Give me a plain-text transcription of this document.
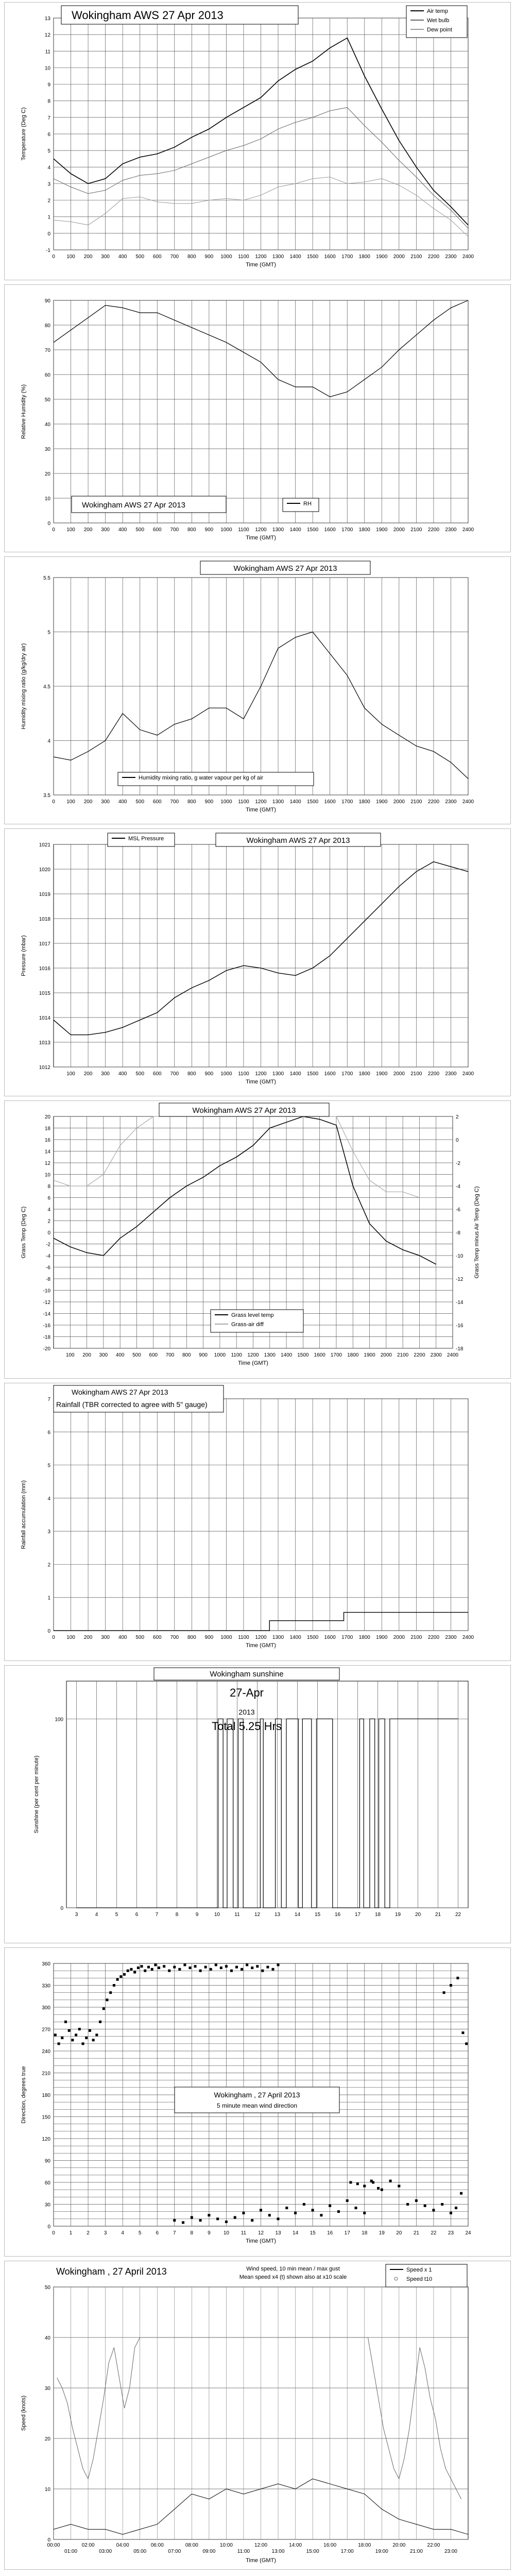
-1
0
1
2
3
4
5
6
7
8
9
10
11
12
13
0 100 200 300 400 500 600 700 800 900 1000 1100 1200 1300 1400 1500 1600 1700 1800 1900 2000 2100 2200 2300 2400
Time (GMT)
Temperature (Deg C)
Wokingham AWS 27 Apr 2013	Air temp
Wet bulb
Dew point
0
10
20
30
40
50
60
70
80
90
0 100 200 300 400 500 600 700 800 900 1000 1100 1200 1300 1400 1500 1600 1700 1800 1900 2000 2100 2200 2300 2400
Time (GMT)
Relative Humidity (%)
Wokingham AWS 27 Apr 2013	RH
3.5
4
4.5
5
5.5
0 100 200 300 400 500 600 700 800 900 1000 1100 1200 1300 1400 1500 1600 1700 1800 1900 2000 2100 2200 2300 2400
Time (GMT)
Humidity mixing ratio (g/kg/dry air)
Wokingham AWS 27 Apr 2013
Humidity mixing ratio, g water vapour per kg of air
1012
1013
1014
1015
1016
1017
1018
1019
1020
1021
100 200 300 400 500 600 700 800 900 1000 1100 1200 1300 1400 1500 1600 1700 1800 1900 2000 2100 2200 2300 2400
Time (GMT)
Pressure (mbar)
Wokingham AWS 27 Apr 2013
MSL Pressure
-20
-18
-16
-14
-12
-10
-8
-6
-4
-2
0
2
4
6
8
10
12
14
16
18
20
-18
-16
-14
-12
-10
-8
-6
-4
-2
0
2
100 200 300 400 500 600 700 800 900 1000 1100 1200 1300 1400 1500 1600 1700 1800 1900 2000 2100 2200 2300 2400
Time (GMT)
Grass Temp (Deg C)	Grass Temp minus Air Temp (Deg C)
Wokingham AWS 27 Apr 2013
Grass level temp
Grass-air diff
0
1
2
3
4
5
6
7
0 100 200 300 400 500 600 700 800 900 1000 1100 1200 1300 1400 1500 1600 1700 1800 1900 2000 2100 2200 2300 2400
Time (GMT)
Rainfall accumulation (mm)
Wokingham AWS 27 Apr 2013
Rainfall (TBR corrected to agree with 5" gauge)
0
100
3	4	5	6	7	8	9	10	11	12	13	14	15	16	17	18	19	20	21	22
Sunshine (per cent per minute)
Wokingham sunshine
27-Apr
2013
Total 5.25 Hrs
0
30
60
90
120
150
180
210
240
270
300
330
360
0	1	2	3	4	5	6	7	8	9	10 11 12 13 14 15 16 17 18 19 20 21 22 23 24
Time (GMT)
Direction, degrees true	Wokingham , 27 April 2013
5 minute mean wind direction
0
10
20
30
40
50
00:00
01:00
02:00
03:00
04:00
05:00
06:00
07:00
08:00
09:00
10:00
11:00
12:00
13:00
14:00
15:00
16:00
17:00
18:00
19:00
20:00
21:00
22:00
23:00
Time (GMT)
Speed (knots)
Wokingham , 27 April 2013	Wind speed, 10 min mean / max gust
Mean speed x4 (t) shown also at x10 scale
Speed x 1
Speed t10
